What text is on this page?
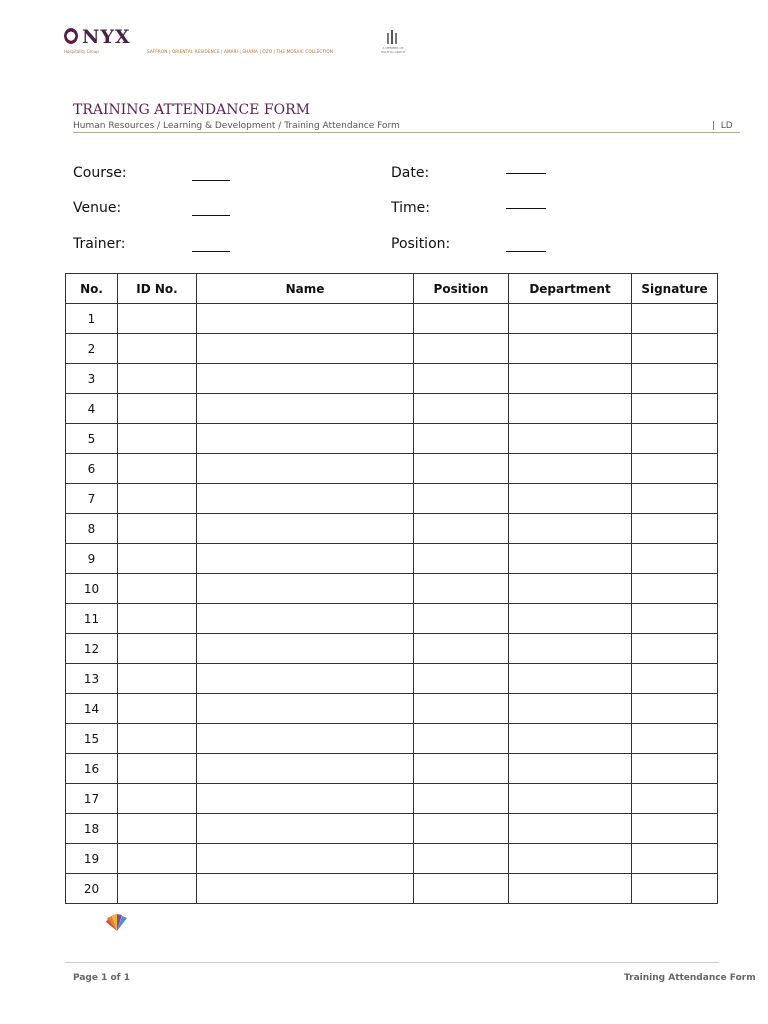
NYX
Hospitality Group	SAFFRON | ORIENTAL RESIDENCE | AMARI | SHAMA | OZO | THE MOSAIC COLLECTION
A MEMBER OF ITALTHAI GROUP
TRAINING ATTENDANCE FORM
Human Resources / Learning & Development / Training Attendance Form	|  LD
Course:
Venue:
Trainer:
Date:
Time:
Position:
No.	ID No.	Name	Position	Department	Signature
1					
2					
3					
4					
5					
6					
7					
8					
9					
10					
11					
12					
13					
14					
15					
16					
17					
18					
19					
20					
Page 1 of 1	Training Attendance Form
